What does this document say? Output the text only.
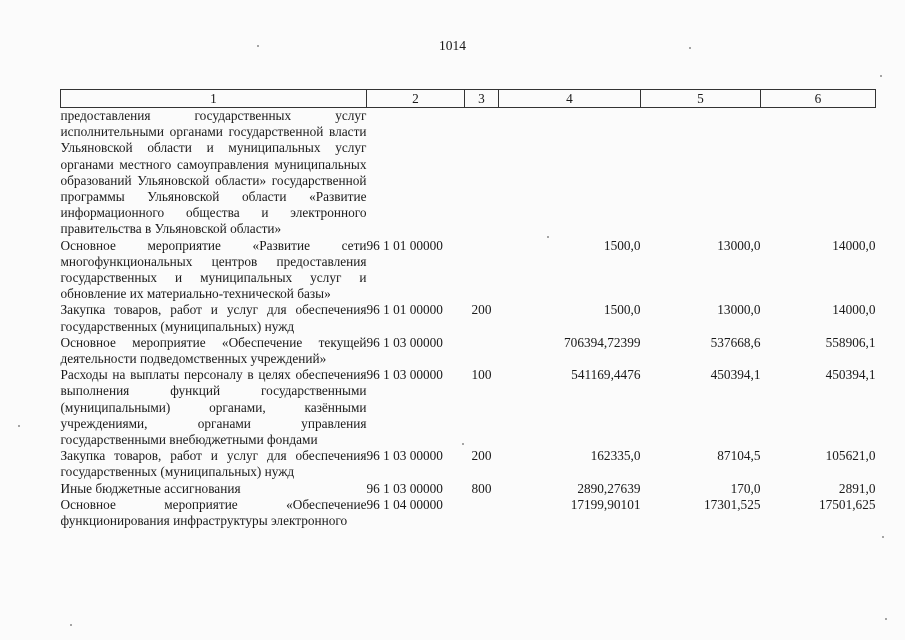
1014
1	2	3	4	5	6
предоставления государственных услуг исполнительными органами государственной власти Ульяновской области и муниципальных услуг органами местного самоуправления муниципальных образований Ульяновской области» государственной программы Ульяновской области «Развитие информационного общества и электронного правительства в Ульяновской области»					
Основное мероприятие «Развитие сети многофункциональных центров предоставления государственных и муниципальных услуг и обновление их материально-технической базы»	96 1 01 00000		1500,0	13000,0	14000,0
Закупка товаров, работ и услуг для обеспечения государственных (муниципальных) нужд	96 1 01 00000	200	1500,0	13000,0	14000,0
Основное мероприятие «Обеспечение текущей деятельности подведомственных учреждений»	96 1 03 00000		706394,72399	537668,6	558906,1
Расходы на выплаты персоналу в целях обеспечения выполнения функций государственными (муниципальными) органами, казёнными учреждениями, органами управления государственными внебюджетными фондами	96 1 03 00000	100	541169,4476	450394,1	450394,1
Закупка товаров, работ и услуг для обеспечения государственных (муниципальных) нужд	96 1 03 00000	200	162335,0	87104,5	105621,0
Иные бюджетные ассигнования	96 1 03 00000	800	2890,27639	170,0	2891,0
Основное мероприятие «Обеспечение функционирования инфраструктуры электронного	96 1 04 00000		17199,90101	17301,525	17501,625
